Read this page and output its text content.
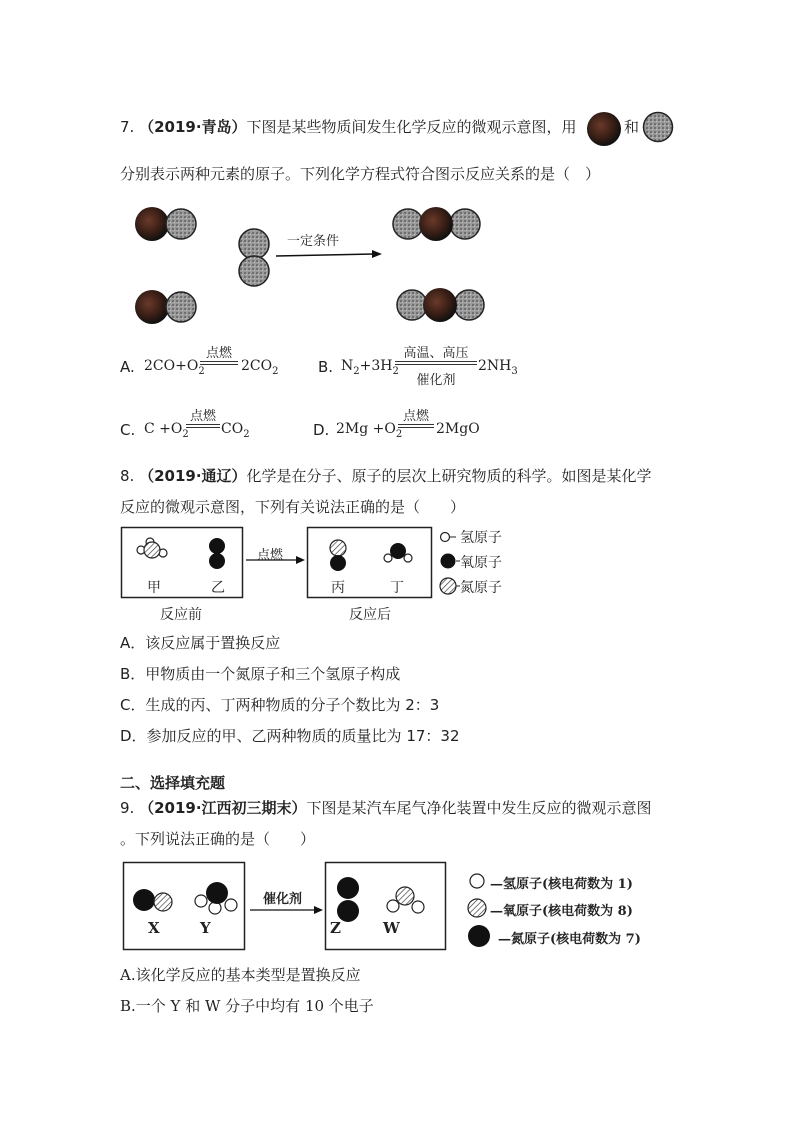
7. （2019·青岛）下图是某些物质间发生化学反应的微观示意图，用	和
分别表示两种元素的原子。下列化学方程式符合图示反应关系的是（　）
一定条件
A. $2CO+O_2$
点燃
$2CO_2$	B. $N_2+3H_2$
高温、高压
催化剂
$2NH_3$
C. $C +O_2$
点燃
$CO_2$	D. $2Mg +O_2$
点燃
2MgO
8. （2019·通辽）化学是在分子、原子的层次上研究物质的科学。如图是某化学
反应的微观示意图，下列有关说法正确的是（　　）
甲	乙	丙	丁
点燃
氢原子
氧原子
氮原子
反应前	反应后
A．该反应属于置换反应
B．甲物质由一个氮原子和三个氢原子构成
C．生成的丙、丁两种物质的分子个数比为 2：3
D．参加反应的甲、乙两种物质的质量比为 17：32
二、选择填充题
9. （2019·江西初三期末）下图是某汽车尾气净化装置中发生反应的微观示意图
。下列说法正确的是（　　）
X	Y	Z	W
催化剂
—氢原子(核电荷数为 1)
—氧原子(核电荷数为 8)
—氮原子(核电荷数为 7)
A.该化学反应的基本类型是置换反应
B.一个 Y 和 W 分子中均有 10 个电子
